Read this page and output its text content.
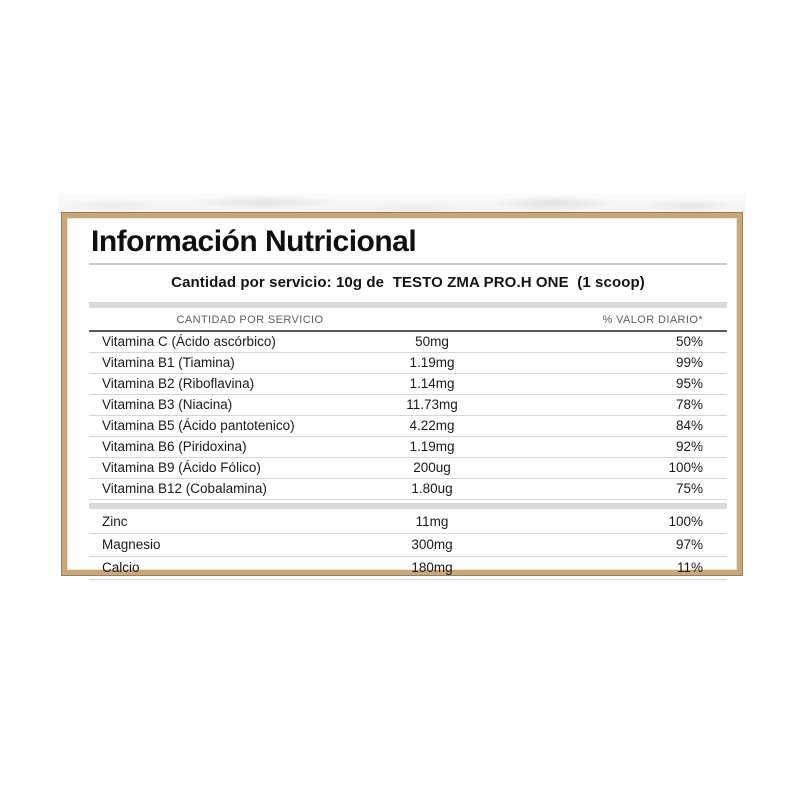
Información Nutricional
Cantidad por servicio: 10g de  TESTO ZMA PRO.H ONE  (1 scoop)
CANTIDAD POR SERVICIO	% VALOR DIARIO*
Vitamina C (Ácido ascórbico)	50mg	50%
Vitamina B1 (Tiamina)	1.19mg	99%
Vitamina B2 (Riboflavina)	1.14mg	95%
Vitamina B3 (Niacina)	11.73mg	78%
Vitamina B5 (Ácido pantotenico)	4.22mg	84%
Vitamina B6 (Piridoxina)	1.19mg	92%
Vitamina B9 (Ácido Fólico)	200ug	100%
Vitamina B12 (Cobalamina)	1.80ug	75%
Zinc	11mg	100%
Magnesio	300mg	97%
Calcio	180mg	11%
